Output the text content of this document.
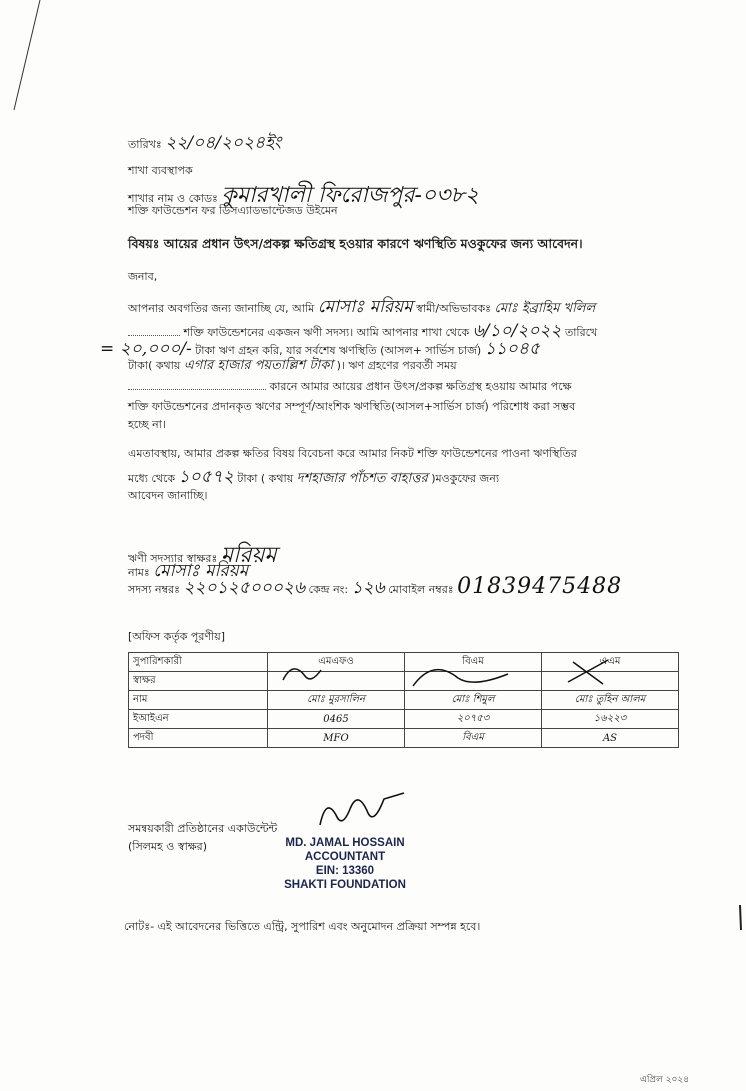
তারিখঃ ২২/০৪/২০২৪ইং
শাখা ব্যবস্থাপক
শাখার নাম ও কোডঃ কুমারখালী ফিরোজপুর-০৩৮২
শক্তি ফাউন্ডেশন ফর ডিসএ্যাডভান্টেজড উইমেন
বিষয়ঃ আয়ের প্রধান উৎস/প্রকল্প ক্ষতিগ্রস্থ হওয়ার কারণে ঋণস্থিতি মওকুফের জন্য আবেদন।
জনাব,
আপনার অবগতির জন্য জানাচ্ছি যে, আমি মোসাঃ মরিয়ম স্বামী/অভিভাবকঃ মোঃ ইব্রাহিম খলিল
শক্তি ফাউন্ডেশনের একজন ঋণী সদস্য। আমি আপনার শাখা থেকে ৬/১০/২০২২ তারিখে
= ২০,০০০/- টাকা ঋণ গ্রহন করি, যার সর্বশেষ ঋণস্থিতি (আসল+ সার্ভিস চার্জ) ১১০৪৫
টাকা( কথায় এগার হাজার পয়তাল্লিশ টাকা )। ঋণ গ্রহণের পরবর্তী সময়
কারনে আমার আয়ের প্রধান উৎস/প্রকল্প ক্ষতিগ্রস্থ হওয়ায় আমার পক্ষে
শক্তি ফাউন্ডেশনের প্রদানকৃত ঋণের সম্পূর্ণ/আংশিক ঋণস্থিতি(আসল+সার্ভিস চার্জ) পরিশোধ করা সম্ভব
হচ্ছে না।
এমতাবস্থায়, আমার প্রকল্প ক্ষতির বিষয় বিবেচনা করে আমার নিকট শক্তি ফাউন্ডেশনের পাওনা ঋণস্থিতির
মধ্যে থেকে ১০৫৭২ টাকা ( কথায় দশহাজার পাঁচশত বাহাত্তর )মওকুফের জন্য
আবেদন জানাচ্ছি।
ঋণী সদস্যার স্বাক্ষরঃ মরিয়ম
নামঃ মোসাঃ মরিয়ম
সদস্য নম্বরঃ ২২০১২৫০০০২৬ কেন্দ্র নং: ১২৬ মোবাইল নম্বরঃ 01839475488
[অফিস কর্তৃক পূরণীয়]
সুপারিশকারী	এমএফও	বিএম	এএম
স্বাক্ষর			
নাম	মোঃ মুরসালিন	মোঃ শিমুল	মোঃ তুহিন আলম
ইআইএন	0465	২০৭৫৩	১৬২২৩
পদবী	MFO	বিএম	AS
সমন্বয়কারী প্রতিষ্ঠানের একাউন্টেন্ট
(সিলমহ ও স্বাক্ষর)	MD. JAMAL HOSSAIN
ACCOUNTANT
EIN: 13360
SHAKTI FOUNDATION
নোটঃ- এই আবেদনের ভিত্তিতে এন্ট্রি, সুপারিশ এবং অনুমোদন প্রক্রিয়া সম্পন্ন হবে।
এপ্রিল ২০২৪
